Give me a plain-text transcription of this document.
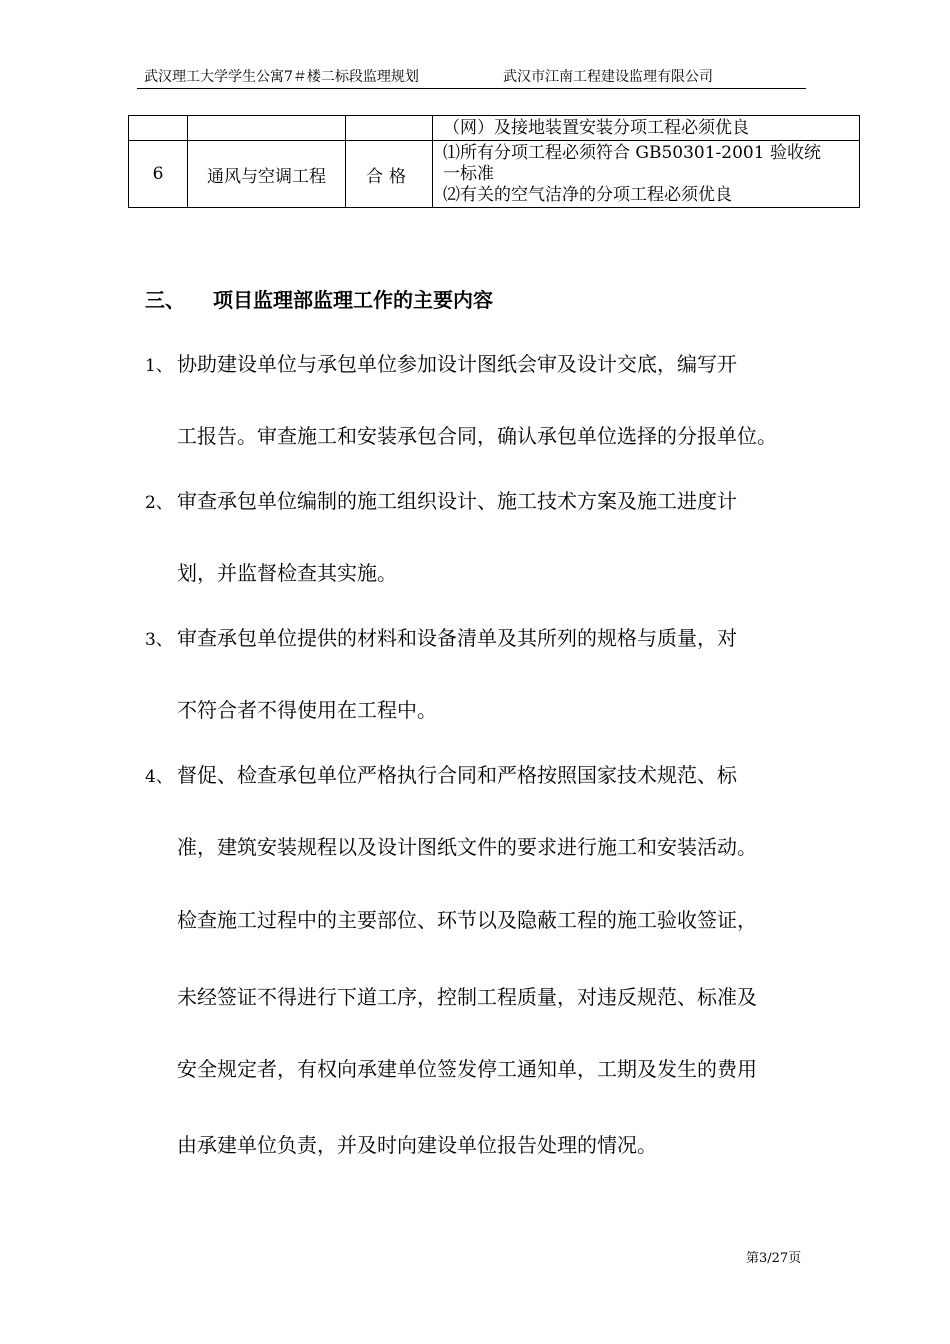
武汉理工大学学生公寓7＃楼二标段监理规划	武汉市江南工程建设监理有限公司
			（网）及接地装置安装分项工程必须优良
6	通风与空调工程	合格	⑴所有分项工程必须符合 GB50301-2001 验收统
一标准
⑵有关的空气洁净的分项工程必须优良
三、 项目监理部监理工作的主要内容
1、 协助建设单位与承包单位参加设计图纸会审及设计交底，编写开
工报告。审查施工和安装承包合同，确认承包单位选择的分报单位。
2、 审查承包单位编制的施工组织设计、施工技术方案及施工进度计
划，并监督检查其实施。
3、 审查承包单位提供的材料和设备清单及其所列的规格与质量，对
不符合者不得使用在工程中。
4、 督促、检查承包单位严格执行合同和严格按照国家技术规范、标
准，建筑安装规程以及设计图纸文件的要求进行施工和安装活动。
检查施工过程中的主要部位、环节以及隐蔽工程的施工验收签证，
未经签证不得进行下道工序，控制工程质量，对违反规范、标准及
安全规定者，有权向承建单位签发停工通知单，工期及发生的费用
由承建单位负责，并及时向建设单位报告处理的情况。
第3/27页
